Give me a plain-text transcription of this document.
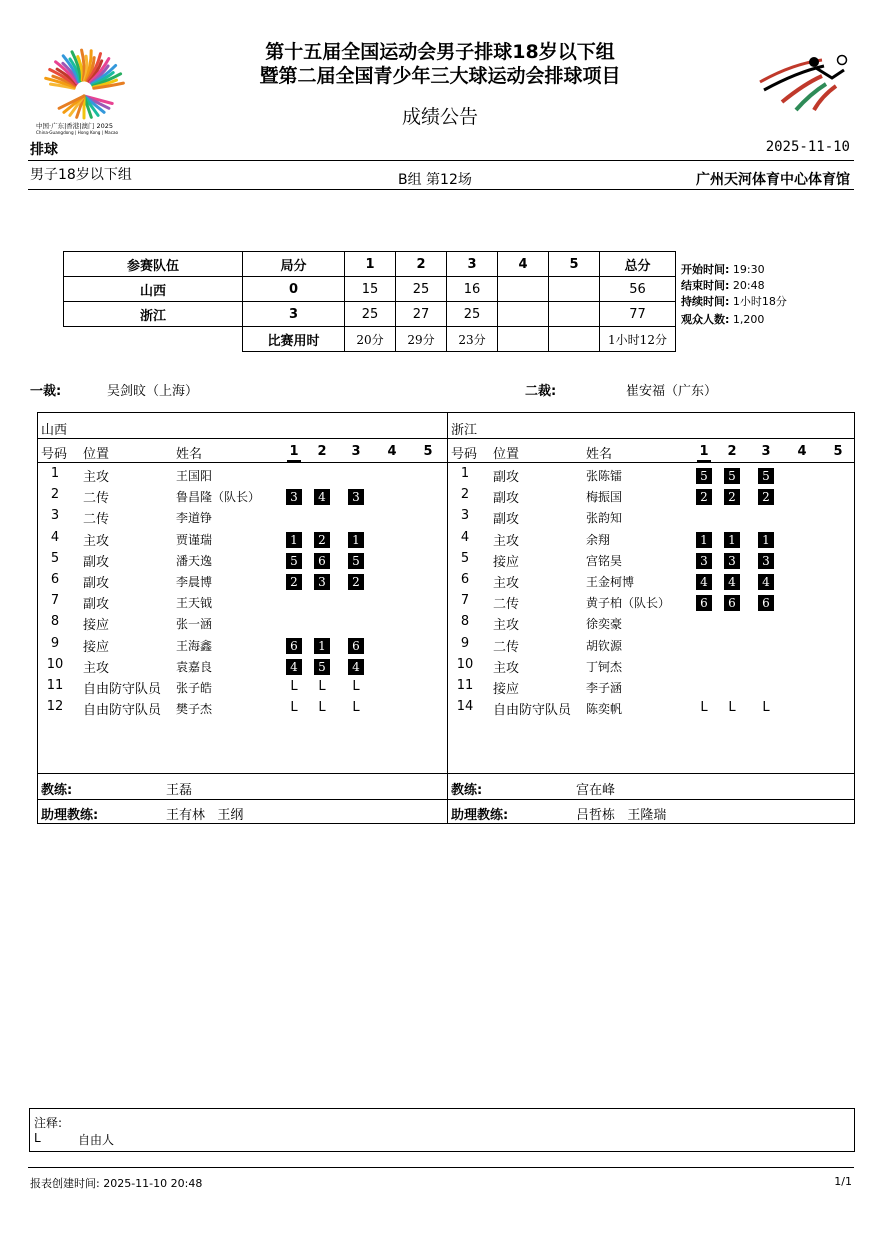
中国·广东|香港|澳门 2025
China·Guangdong | Hong Kong | Macao
第十五届全国运动会男子排球18岁以下组
暨第二届全国青少年三大球运动会排球项目
成绩公告
排球	2025-11-10
男子18岁以下组	B组 第12场	广州天河体育中心体育馆
参赛队伍	局分	1	2	3	4	5	总分
山西	0	15	25	16			56
浙江	3	25	27	25			77
	比赛用时	20分	29分	23分			1小时12分
开始时间: 19:30
结束时间: 20:48
持续时间: 1小时18分
观众人数: 1,200
一裁:	吴剑旼（上海）	二裁:	崔安福（广东）
山西
号码 位置	姓名	1 2 3 4 5
1	主攻	王国阳
2	二传	鲁昌隆（队长）	3	4	3
3	二传	李道铮
4	主攻	贾谨瑞	1	2	1
5	副攻	潘天逸	5	6	5
6	副攻	李晨博	2	3	2
7	副攻	王天钺
8	接应	张一涵
9	接应	王海鑫	6	1	6
10	主攻	袁嘉良	4	5	4
11	自由防守队员 张子皓	L	L	L
12	自由防守队员 樊子杰	L	L	L
教练:	王磊
助理教练:	王有林   王纲
浙江
号码 位置	姓名	1 2 3 4 5
1	副攻	张陈镭	5	5	5
2	副攻	梅振国	2	2	2
3	副攻	张韵知
4	主攻	余翔	1	1	1
5	接应	宫铭昊	3	3	3
6	主攻	王金柯博	4	4	4
7	二传	黄子柏（队长）	6	6	6
8	主攻	徐奕豪
9	二传	胡钦源
10	主攻	丁钶杰
11	接应	李子涵
14	自由防守队员 陈奕帆	L	L	L
教练:	宫在峰
助理教练:	吕哲栋   王隆瑞
注释:
L	自由人
报表创建时间: 2025-11-10 20:48	1/1
